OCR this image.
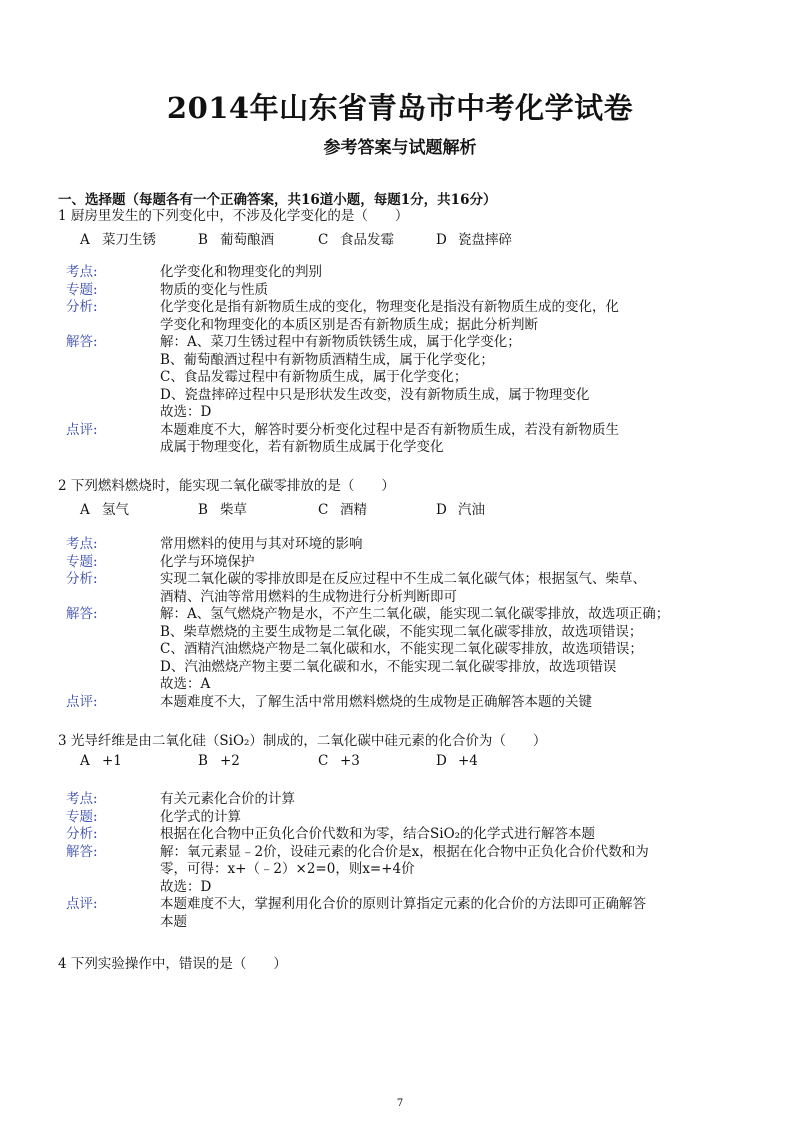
2014年山东省青岛市中考化学试卷
参考答案与试题解析
一、选择题（每题各有一个正确答案，共16道小题，每题1分，共16分）
1 厨房里发生的下列变化中，不涉及化学变化的是（　　）
A 菜刀生锈	B 葡萄酿酒	C 食品发霉	D 瓷盘摔碎
考点:	化学变化和物理变化的判别
专题:	物质的变化与性质
分析:	化学变化是指有新物质生成的变化，物理变化是指没有新物质生成的变化，化
学变化和物理变化的本质区别是否有新物质生成；据此分析判断
解答:	解：A、菜刀生锈过程中有新物质铁锈生成，属于化学变化；
B、葡萄酿酒过程中有新物质酒精生成，属于化学变化；
C、食品发霉过程中有新物质生成，属于化学变化；
D、瓷盘摔碎过程中只是形状发生改变，没有新物质生成，属于物理变化
故选：D
点评:	本题难度不大，解答时要分析变化过程中是否有新物质生成，若没有新物质生
成属于物理变化，若有新物质生成属于化学变化
2 下列燃料燃烧时，能实现二氧化碳零排放的是（　　）
A 氢气	B 柴草	C 酒精	D 汽油
考点:	常用燃料的使用与其对环境的影响
专题:	化学与环境保护
分析:	实现二氧化碳的零排放即是在反应过程中不生成二氧化碳气体；根据氢气、柴草、
酒精、汽油等常用燃料的生成物进行分析判断即可
解答:	解：A、氢气燃烧产物是水，不产生二氧化碳，能实现二氧化碳零排放，故选项正确；
B、柴草燃烧的主要生成物是二氧化碳，不能实现二氧化碳零排放，故选项错误；
C、酒精汽油燃烧产物是二氧化碳和水，不能实现二氧化碳零排放，故选项错误；
D、汽油燃烧产物主要二氧化碳和水，不能实现二氧化碳零排放，故选项错误
故选：A
点评:	本题难度不大，了解生活中常用燃料燃烧的生成物是正确解答本题的关键
3 光导纤维是由二氧化硅（SiO₂）制成的，二氧化碳中硅元素的化合价为（　　）
A +1	B +2	C +3	D +4
考点:	有关元素化合价的计算
专题:	化学式的计算
分析:	根据在化合物中正负化合价代数和为零，结合SiO₂的化学式进行解答本题
解答:	解：氧元素显﹣2价，设硅元素的化合价是x，根据在化合物中正负化合价代数和为
零，可得：x+（﹣2）×2=0，则x=+4价
故选：D
点评:	本题难度不大，掌握利用化合价的原则计算指定元素的化合价的方法即可正确解答
本题
4 下列实验操作中，错误的是（　　）
7
